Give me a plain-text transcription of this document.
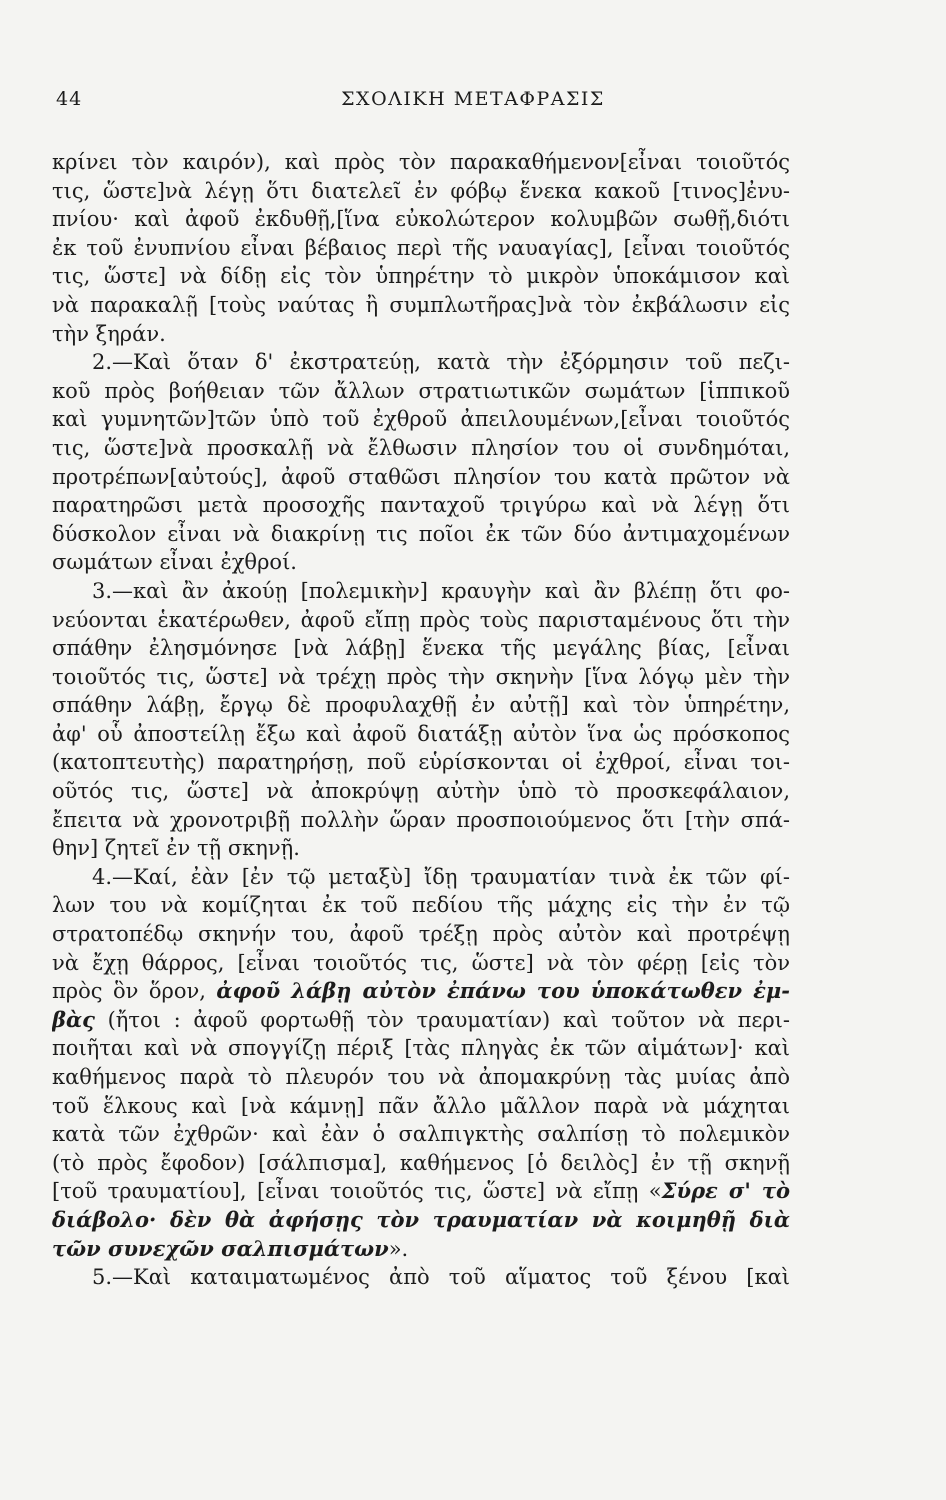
44	ΣΧΟΛΙΚΗ ΜΕΤΑΦΡΑΣΙΣ
κρίνει τὸν καιρόν), καὶ πρὸς τὸν παρακαθήμενον[εἶναι τοιοῦτός
τις, ὥστε]νὰ λέγῃ ὅτι διατελεῖ ἐν φόβῳ ἕνεκα κακοῦ [τινος]ἐνυ-
πνίου· καὶ ἀφοῦ ἐκδυθῇ,[ἵνα εὐκολώτερον κολυμβῶν σωθῇ,διότι
ἐκ τοῦ ἐνυπνίου εἶναι βέβαιος περὶ τῆς ναυαγίας], [εἶναι τοιοῦτός
τις, ὥστε] νὰ δίδῃ εἰς τὸν ὑπηρέτην τὸ μικρὸν ὑποκάμισον καὶ
νὰ παρακαλῇ [τοὺς ναύτας ἢ συμπλωτῆρας]νὰ τὸν ἐκβάλωσιν εἰς
τὴν ξηράν.
2.—Καὶ ὅταν δ' ἐκστρατεύῃ, κατὰ τὴν ἐξόρμησιν τοῦ πεζι-
κοῦ πρὸς βοήθειαν τῶν ἄλλων στρατιωτικῶν σωμάτων [ἱππικοῦ
καὶ γυμνητῶν]τῶν ὑπὸ τοῦ ἐχθροῦ ἀπειλουμένων,[εἶναι τοιοῦτός
τις, ὥστε]νὰ προσκαλῇ νὰ ἔλθωσιν πλησίον του οἱ συνδημόται,
προτρέπων[αὐτούς], ἀφοῦ σταθῶσι πλησίον του κατὰ πρῶτον νὰ
παρατηρῶσι μετὰ προσοχῆς πανταχοῦ τριγύρω καὶ νὰ λέγῃ ὅτι
δύσκολον εἶναι νὰ διακρίνῃ τις ποῖοι ἐκ τῶν δύο ἀντιμαχομένων
σωμάτων εἶναι ἐχθροί.
3.—καὶ ἂν ἀκούῃ [πολεμικὴν] κραυγὴν καὶ ἂν βλέπῃ ὅτι φο-
νεύονται ἑκατέρωθεν, ἀφοῦ εἴπῃ πρὸς τοὺς παρισταμένους ὅτι τὴν
σπάθην ἐλησμόνησε [νὰ λάβῃ] ἕνεκα τῆς μεγάλης βίας, [εἶναι
τοιοῦτός τις, ὥστε] νὰ τρέχῃ πρὸς τὴν σκηνὴν [ἵνα λόγῳ μὲν τὴν
σπάθην λάβῃ, ἔργῳ δὲ προφυλαχθῇ ἐν αὐτῇ] καὶ τὸν ὑπηρέτην,
ἀφ' οὗ ἀποστείλῃ ἔξω καὶ ἀφοῦ διατάξῃ αὐτὸν ἵνα ὡς πρόσκοπος
(κατοπτευτὴς) παρατηρήσῃ, ποῦ εὑρίσκονται οἱ ἐχθροί, εἶναι τοι-
οῦτός τις, ὥστε] νὰ ἀποκρύψῃ αὐτὴν ὑπὸ τὸ προσκεφάλαιον,
ἔπειτα νὰ χρονοτριβῇ πολλὴν ὥραν προσποιούμενος ὅτι [τὴν σπά-
θην] ζητεῖ ἐν τῇ σκηνῇ.
4.—Καί, ἐὰν [ἐν τῷ μεταξὺ] ἴδῃ τραυματίαν τινὰ ἐκ τῶν φί-
λων του νὰ κομίζηται ἐκ τοῦ πεδίου τῆς μάχης εἰς τὴν ἐν τῷ
στρατοπέδῳ σκηνήν του, ἀφοῦ τρέξῃ πρὸς αὐτὸν καὶ προτρέψῃ
νὰ ἔχῃ θάρρος, [εἶναι τοιοῦτός τις, ὥστε] νὰ τὸν φέρῃ [εἰς τὸν
πρὸς ὃν ὅρον, ἀφοῦ λάβῃ αὐτὸν ἐπάνω του ὑποκάτωθεν ἐμ-
βὰς (ἤτοι : ἀφοῦ φορτωθῇ τὸν τραυματίαν) καὶ τοῦτον νὰ περι-
ποιῆται καὶ νὰ σπογγίζῃ πέριξ [τὰς πληγὰς ἐκ τῶν αἱμάτων]· καὶ
καθήμενος παρὰ τὸ πλευρόν του νὰ ἀπομακρύνῃ τὰς μυίας ἀπὸ
τοῦ ἕλκους καὶ [νὰ κάμνῃ] πᾶν ἄλλο μᾶλλον παρὰ νὰ μάχηται
κατὰ τῶν ἐχθρῶν· καὶ ἐὰν ὁ σαλπιγκτὴς σαλπίσῃ τὸ πολεμικὸν
(τὸ πρὸς ἔφοδον) [σάλπισμα], καθήμενος [ὁ δειλὸς] ἐν τῇ σκηνῇ
[τοῦ τραυματίου], [εἶναι τοιοῦτός τις, ὥστε] νὰ εἴπῃ «Σύρε σ' τὸ
διάβολο· δὲν θὰ ἀφήσῃς τὸν τραυματίαν νὰ κοιμηθῇ διὰ
τῶν συνεχῶν σαλπισμάτων».
5.—Καὶ καταιματωμένος ἀπὸ τοῦ αἵματος τοῦ ξένου [καὶ
